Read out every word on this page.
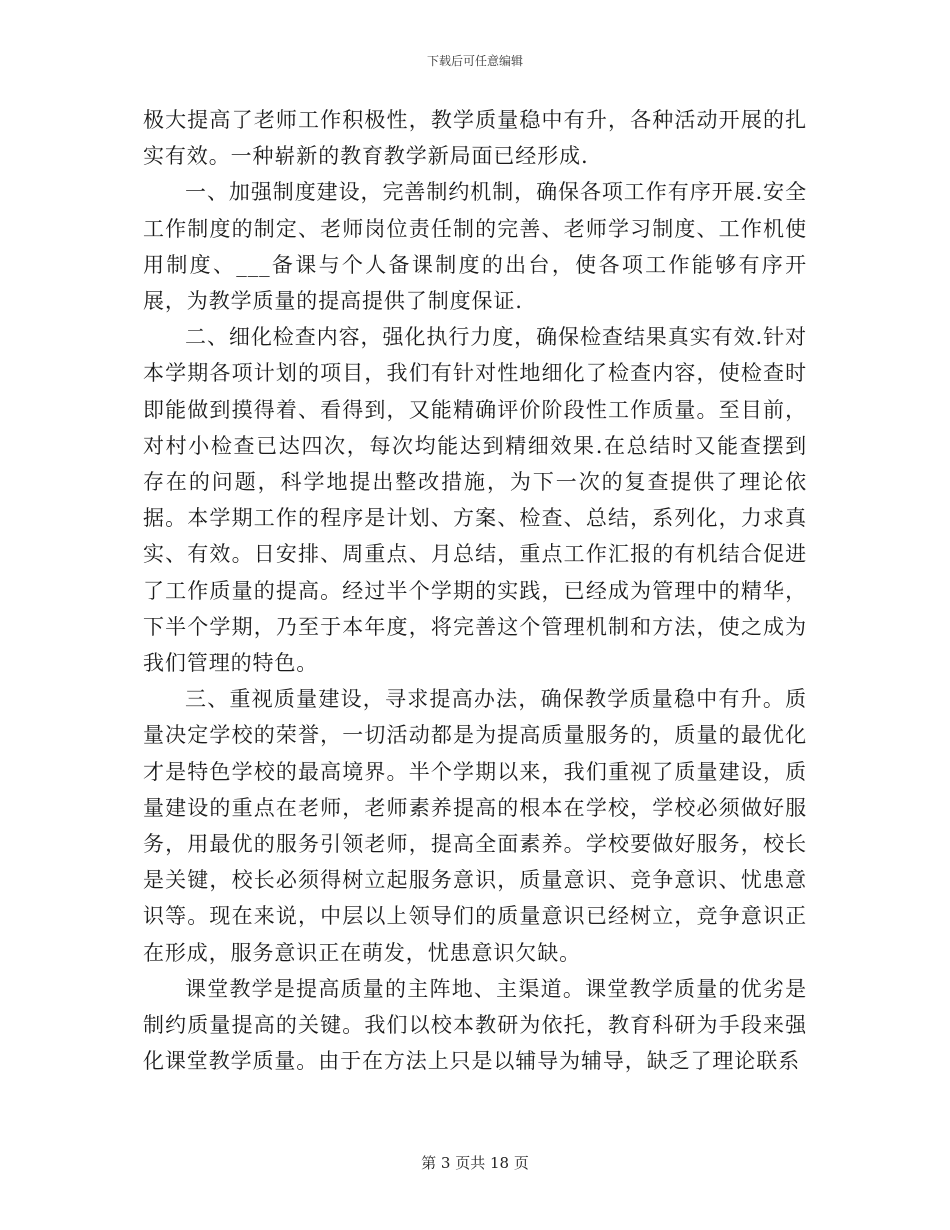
下载后可任意编辑

极大提高了老师工作积极性，教学质量稳中有升，各种活动开展的扎实有效。一种崭新的教育教学新局面已经形成.

一、加强制度建设，完善制约机制，确保各项工作有序开展.安全工作制度的制定、老师岗位责任制的完善、老师学习制度、工作机使用制度、___备课与个人备课制度的出台，使各项工作能够有序开展，为教学质量的提高提供了制度保证.

二、细化检查内容，强化执行力度，确保检查结果真实有效.针对本学期各项计划的项目，我们有针对性地细化了检查内容，使检查时即能做到摸得着、看得到，又能精确评价阶段性工作质量。至目前，对村小检查已达四次，每次均能达到精细效果.在总结时又能查摆到存在的问题，科学地提出整改措施，为下一次的复查提供了理论依据。本学期工作的程序是计划、方案、检查、总结，系列化，力求真实、有效。日安排、周重点、月总结，重点工作汇报的有机结合促进了工作质量的提高。经过半个学期的实践，已经成为管理中的精华，下半个学期，乃至于本年度，将完善这个管理机制和方法，使之成为我们管理的特色。

三、重视质量建设，寻求提高办法，确保教学质量稳中有升。质量决定学校的荣誉，一切活动都是为提高质量服务的，质量的最优化才是特色学校的最高境界。半个学期以来，我们重视了质量建设，质量建设的重点在老师，老师素养提高的根本在学校，学校必须做好服务，用最优的服务引领老师，提高全面素养。学校要做好服务，校长是关键，校长必须得树立起服务意识，质量意识、竞争意识、忧患意识等。现在来说，中层以上领导们的质量意识已经树立，竞争意识正在形成，服务意识正在萌发，忧患意识欠缺。

课堂教学是提高质量的主阵地、主渠道。课堂教学质量的优劣是制约质量提高的关键。我们以校本教研为依托，教育科研为手段来强化课堂教学质量。由于在方法上只是以辅导为辅导，缺乏了理论联系

第 3 页共 18 页
